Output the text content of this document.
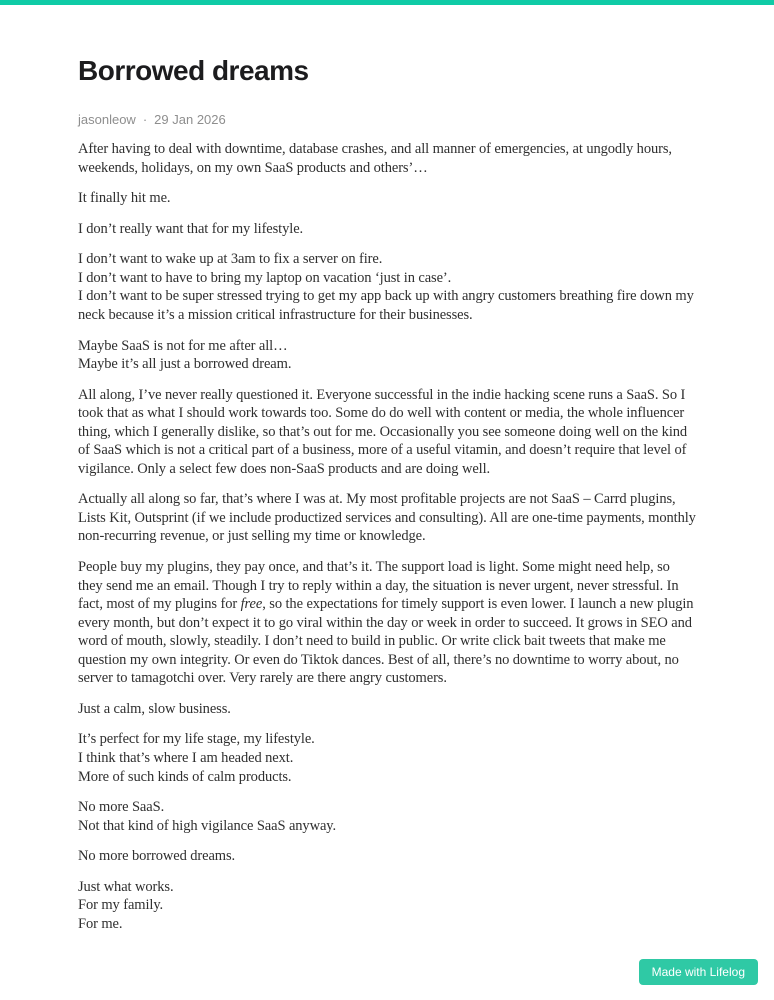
Borrowed dreams
jasonleow · 29 Jan 2026

After having to deal with downtime, database crashes, and all manner of emergencies, at ungodly hours, weekends, holidays, on my own SaaS products and others’…

It finally hit me.

I don’t really want that for my lifestyle.

I don’t want to wake up at 3am to fix a server on fire.
I don’t want to have to bring my laptop on vacation ‘just in case’.
I don’t want to be super stressed trying to get my app back up with angry customers breathing fire down my neck because it’s a mission critical infrastructure for their businesses.

Maybe SaaS is not for me after all…
Maybe it’s all just a borrowed dream.

All along, I’ve never really questioned it. Everyone successful in the indie hacking scene runs a SaaS. So I took that as what I should work towards too. Some do do well with content or media, the whole influencer thing, which I generally dislike, so that’s out for me. Occasionally you see someone doing well on the kind of SaaS which is not a critical part of a business, more of a useful vitamin, and doesn’t require that level of vigilance. Only a select few does non-SaaS products and are doing well.

Actually all along so far, that’s where I was at. My most profitable projects are not SaaS – Carrd plugins, Lists Kit, Outsprint (if we include productized services and consulting). All are one-time payments, monthly non-recurring revenue, or just selling my time or knowledge.

People buy my plugins, they pay once, and that’s it. The support load is light. Some might need help, so they send me an email. Though I try to reply within a day, the situation is never urgent, never stressful. In fact, most of my plugins for free, so the expectations for timely support is even lower. I launch a new plugin every month, but don’t expect it to go viral within the day or week in order to succeed. It grows in SEO and word of mouth, slowly, steadily. I don’t need to build in public. Or write click bait tweets that make me question my own integrity. Or even do Tiktok dances. Best of all, there’s no downtime to worry about, no server to tamagotchi over. Very rarely are there angry customers.

Just a calm, slow business.

It’s perfect for my life stage, my lifestyle.
I think that’s where I am headed next.
More of such kinds of calm products.

No more SaaS.
Not that kind of high vigilance SaaS anyway.

No more borrowed dreams.

Just what works.
For my family.
For me.

Made with Lifelog
